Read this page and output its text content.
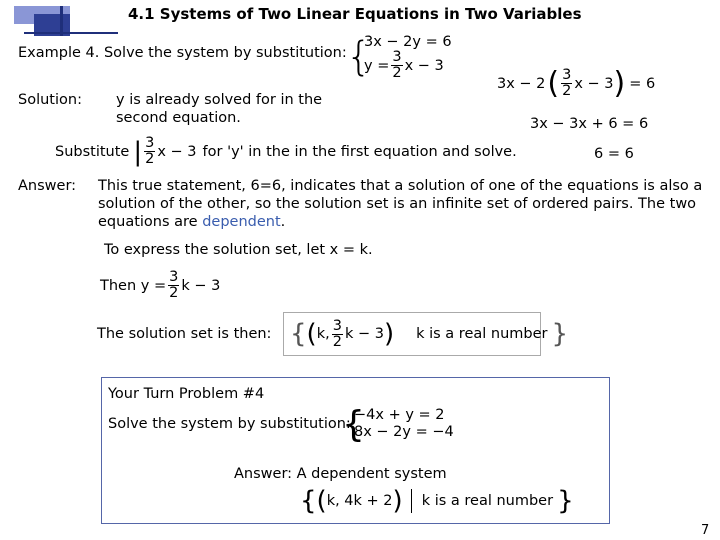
4.1 Systems of Two Linear Equations in Two Variables
Example 4. Solve the system by substitution: {
3x − 2y = 6
$y = \frac{3}{2}$ x − 3
3x − 2 ( $\frac{3}{2}$ x − 3 ) = 6
3x − 3x + 6 = 6
6 = 6
Solution: y is already solved for in the
second equation.
Substitute | $\frac{3}{2}$ x − 3 for 'y' in the in the first equation and solve.
Answer: This true statement, 6=6, indicates that a solution of one of the equations is also a
solution of the other, so the solution set is an infinite set of ordered pairs. The two
equations are dependent.
To express the solution set, let x = k.
Then $y = \frac{3}{2}$ k − 3
The solution set is then: { ( k, $\frac{3}{2}$ k − 3 ) k is a real number }
Your Turn Problem #4
Solve the system by substitution:
{
−4x + y = 2
8x − 2y = −4
Answer: A dependent system
{( k, 4k + 2 ) k is a real number }
7
